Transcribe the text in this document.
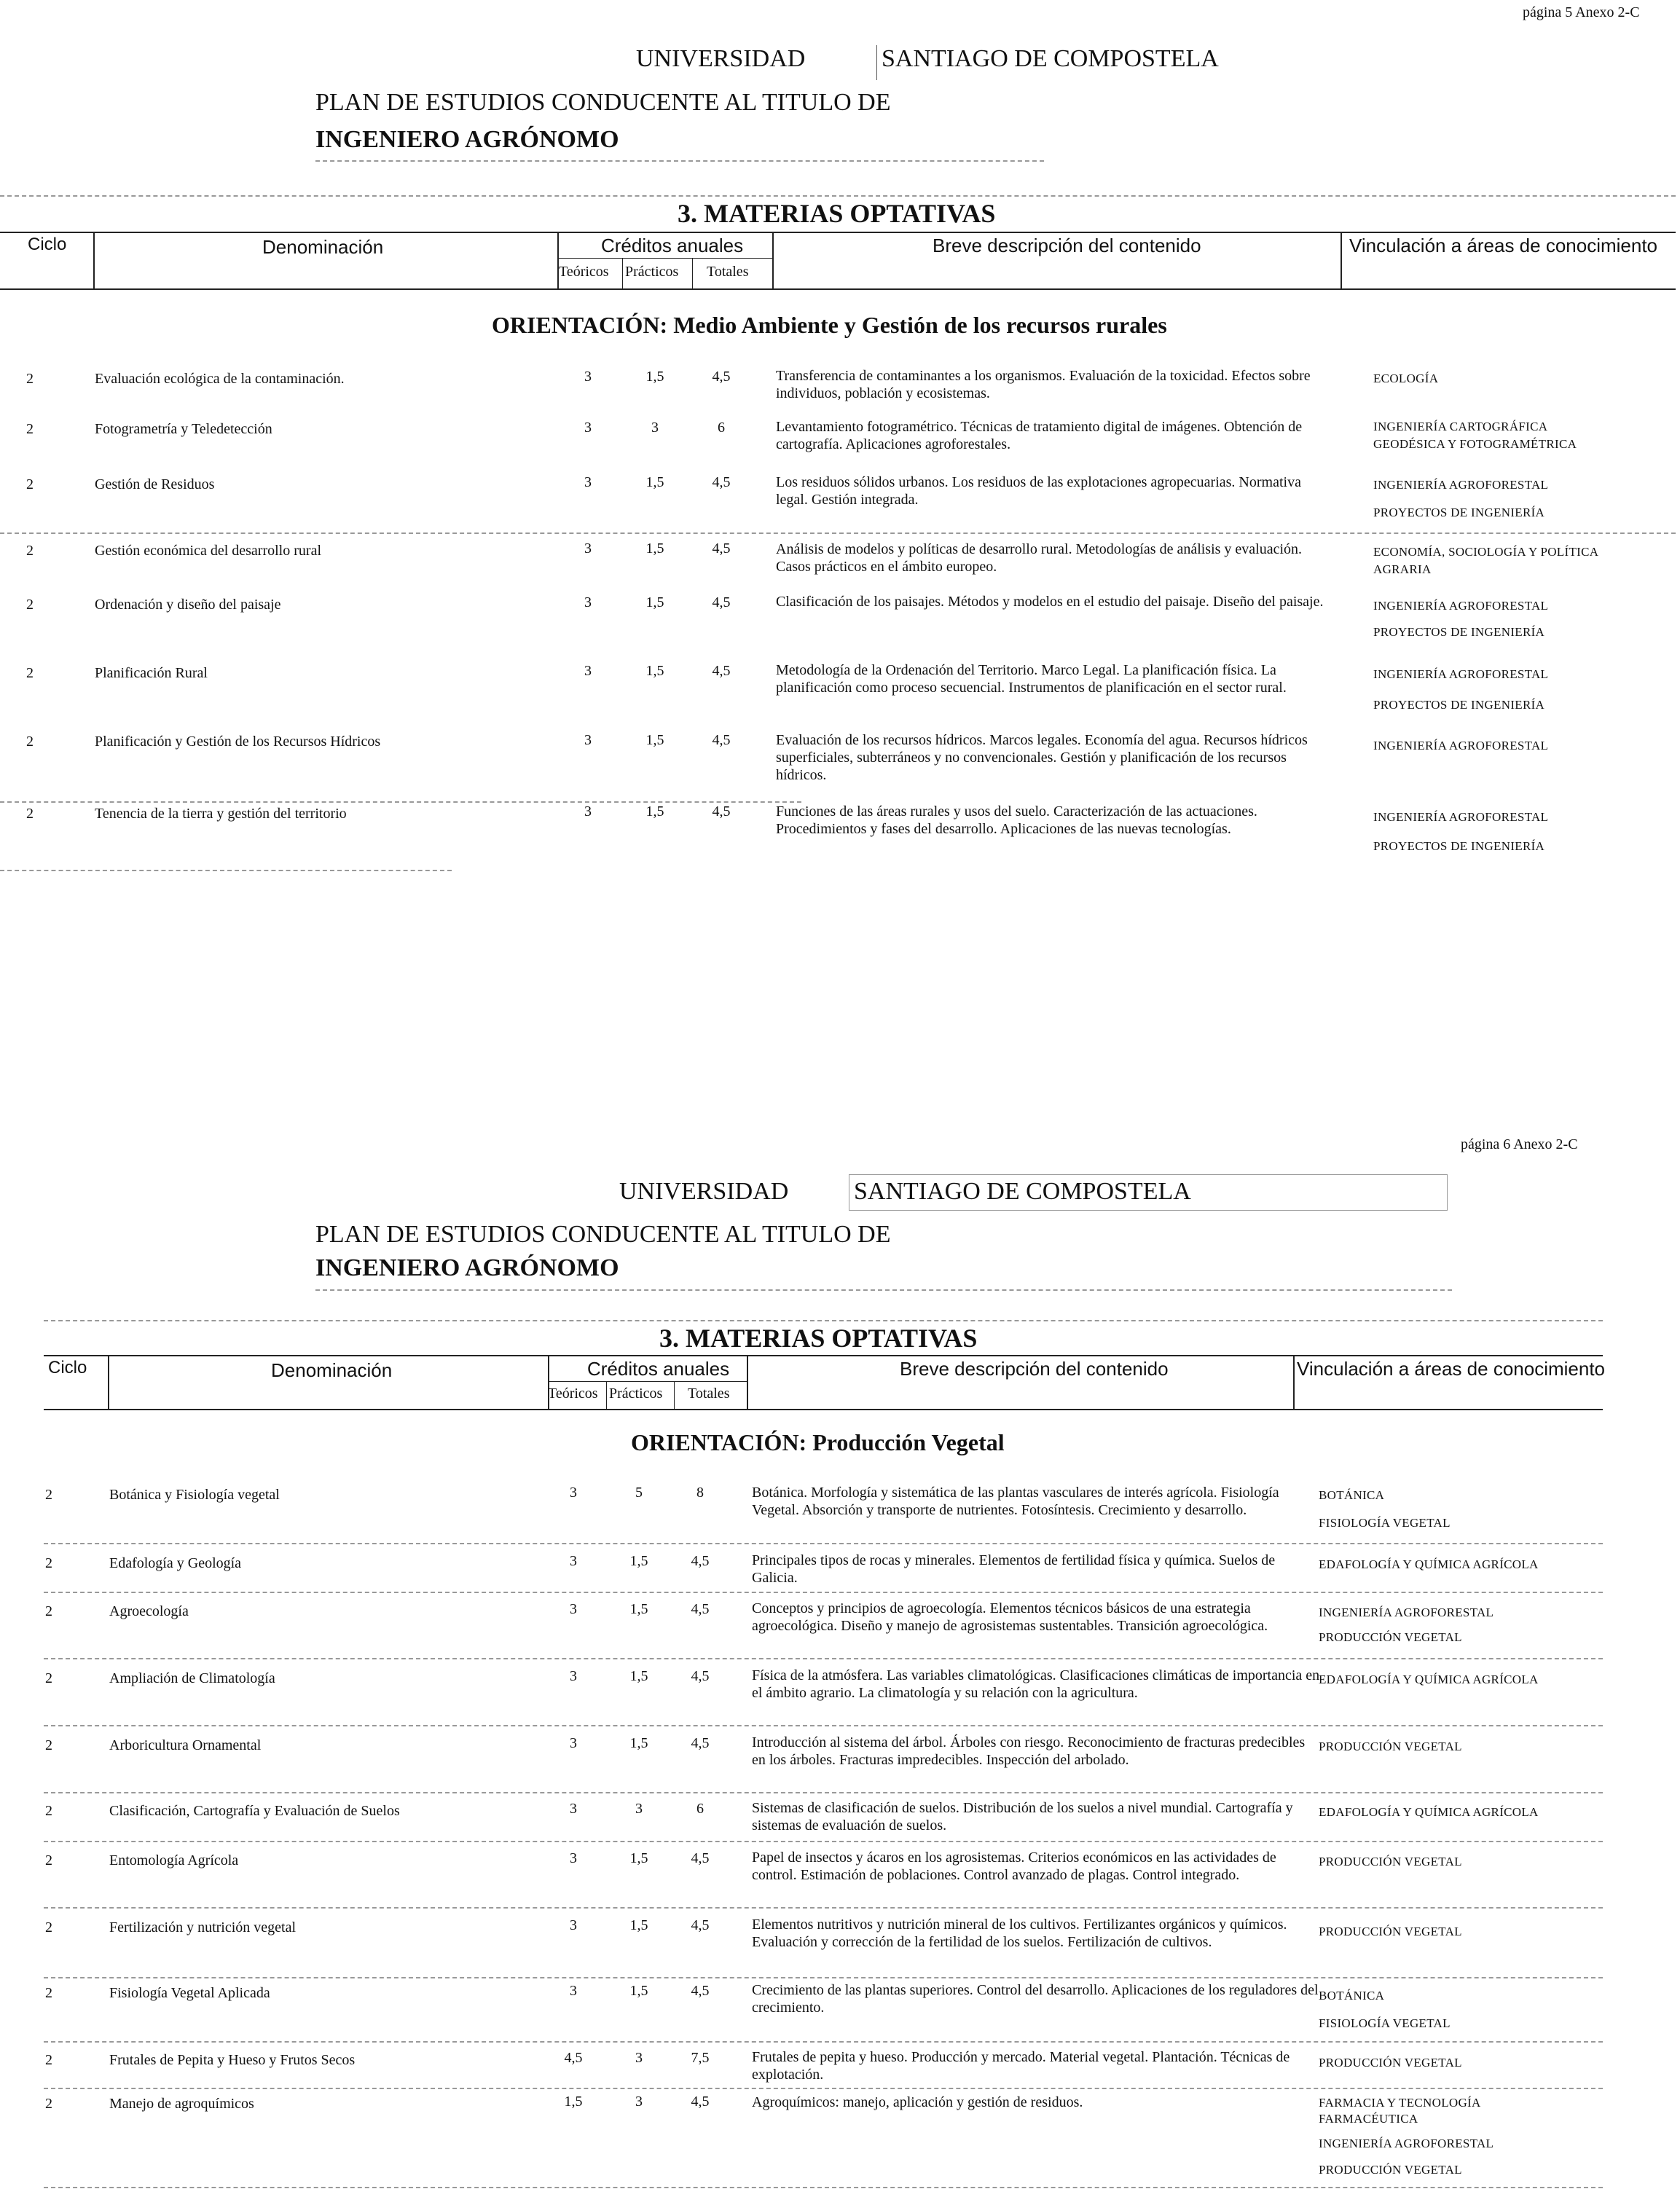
página 5 Anexo 2-C
UNIVERSIDAD	SANTIAGO DE COMPOSTELA
PLAN DE ESTUDIOS CONDUCENTE AL TITULO DE
INGENIERO AGRÓNOMO
3. MATERIAS OPTATIVAS
Ciclo	Denominación	Créditos anuales
Teóricos Prácticos Totales
Breve descripción del contenido	Vinculación a áreas de conocimiento
ORIENTACIÓN: Medio Ambiente y Gestión de los recursos rurales
2	Evaluación ecológica de la contaminación.	3	1,5	4,5	Transferencia de contaminantes a los organismos. Evaluación de la toxicidad. Efectos sobre individuos, población y ecosistemas.
ECOLOGÍA
2	Fotogrametría y Teledetección	3	3	6	Levantamiento fotogramétrico. Técnicas de tratamiento digital de imágenes. Obtención de cartografía. Aplicaciones agroforestales.
INGENIERÍA CARTOGRÁFICA
GEODÉSICA Y FOTOGRAMÉTRICA
2	Gestión de Residuos	3	1,5	4,5	Los residuos sólidos urbanos. Los residuos de las explotaciones agropecuarias. Normativa legal. Gestión integrada.
INGENIERÍA AGROFORESTAL
PROYECTOS DE INGENIERÍA
2	Gestión económica del desarrollo rural	3	1,5	4,5	Análisis de modelos y políticas de desarrollo rural. Metodologías de análisis y evaluación. Casos prácticos en el ámbito europeo.
ECONOMÍA, SOCIOLOGÍA Y POLÍTICA
AGRARIA
2	Ordenación y diseño del paisaje	3	1,5	4,5	Clasificación de los paisajes. Métodos y modelos en el estudio del paisaje. Diseño del paisaje.	INGENIERÍA AGROFORESTAL
PROYECTOS DE INGENIERÍA
2	Planificación Rural	3	1,5	4,5	Metodología de la Ordenación del Territorio. Marco Legal. La planificación física. La planificación como proceso secuencial. Instrumentos de planificación en el sector rural.
INGENIERÍA AGROFORESTAL
PROYECTOS DE INGENIERÍA
2	Planificación y Gestión de los Recursos Hídricos	3	1,5	4,5	Evaluación de los recursos hídricos. Marcos legales. Economía del agua. Recursos hídricos superficiales, subterráneos y no convencionales. Gestión y planificación de los recursos hídricos.
INGENIERÍA AGROFORESTAL
2	Tenencia de la tierra y gestión del territorio	3	1,5	4,5	Funciones de las áreas rurales y usos del suelo. Caracterización de las actuaciones. Procedimientos y fases del desarrollo. Aplicaciones de las nuevas tecnologías.
INGENIERÍA AGROFORESTAL
PROYECTOS DE INGENIERÍA
página 6 Anexo 2-C
UNIVERSIDAD	SANTIAGO DE COMPOSTELA
PLAN DE ESTUDIOS CONDUCENTE AL TITULO DE
INGENIERO AGRÓNOMO
3. MATERIAS OPTATIVAS
Ciclo	Denominación	Créditos anuales
Teóricos Prácticos Totales
Breve descripción del contenido	Vinculación a áreas de conocimiento
ORIENTACIÓN: Producción Vegetal
2	Botánica y Fisiología vegetal	3	5	8	Botánica. Morfología y sistemática de las plantas vasculares de interés agrícola. Fisiología Vegetal. Absorción y transporte de nutrientes. Fotosíntesis. Crecimiento y desarrollo.
BOTÁNICA
FISIOLOGÍA VEGETAL
2	Edafología y Geología	3	1,5	4,5	Principales tipos de rocas y minerales. Elementos de fertilidad física y química. Suelos de Galicia.
EDAFOLOGÍA Y QUÍMICA AGRÍCOLA
2	Agroecología	3	1,5	4,5	Conceptos y principios de agroecología. Elementos técnicos básicos de una estrategia agroecológica. Diseño y manejo de agrosistemas sustentables. Transición agroecológica.
INGENIERÍA AGROFORESTAL
PRODUCCIÓN VEGETAL
2	Ampliación de Climatología	3	1,5	4,5	Física de la atmósfera. Las variables climatológicas. Clasificaciones climáticas de importancia en el ámbito agrario. La climatología y su relación con la agricultura.
EDAFOLOGÍA Y QUÍMICA AGRÍCOLA
2	Arboricultura Ornamental	3	1,5	4,5	Introducción al sistema del árbol. Árboles con riesgo. Reconocimiento de fracturas predecibles en los árboles. Fracturas impredecibles. Inspección del arbolado.
PRODUCCIÓN VEGETAL
2	Clasificación, Cartografía y Evaluación de Suelos	3	3	6	Sistemas de clasificación de suelos. Distribución de los suelos a nivel mundial. Cartografía y sistemas de evaluación de suelos.
EDAFOLOGÍA Y QUÍMICA AGRÍCOLA
2	Entomología Agrícola	3	1,5	4,5	Papel de insectos y ácaros en los agrosistemas. Criterios económicos en las actividades de control. Estimación de poblaciones. Control avanzado de plagas. Control integrado.
PRODUCCIÓN VEGETAL
2	Fertilización y nutrición vegetal	3	1,5	4,5	Elementos nutritivos y nutrición mineral de los cultivos. Fertilizantes orgánicos y químicos. Evaluación y corrección de la fertilidad de los suelos. Fertilización de cultivos.
PRODUCCIÓN VEGETAL
2	Fisiología Vegetal Aplicada	3	1,5	4,5	Crecimiento de las plantas superiores. Control del desarrollo. Aplicaciones de los reguladores del crecimiento.
BOTÁNICA
FISIOLOGÍA VEGETAL
2	Frutales de Pepita y Hueso y Frutos Secos	4,5	3	7,5	Frutales de pepita y hueso. Producción y mercado. Material vegetal. Plantación. Técnicas de explotación.
PRODUCCIÓN VEGETAL
2	Manejo de agroquímicos	1,5	3	4,5	Agroquímicos: manejo, aplicación y gestión de residuos.	FARMACIA Y TECNOLOGÍA FARMACÉUTICA
INGENIERÍA AGROFORESTAL
PRODUCCIÓN VEGETAL
